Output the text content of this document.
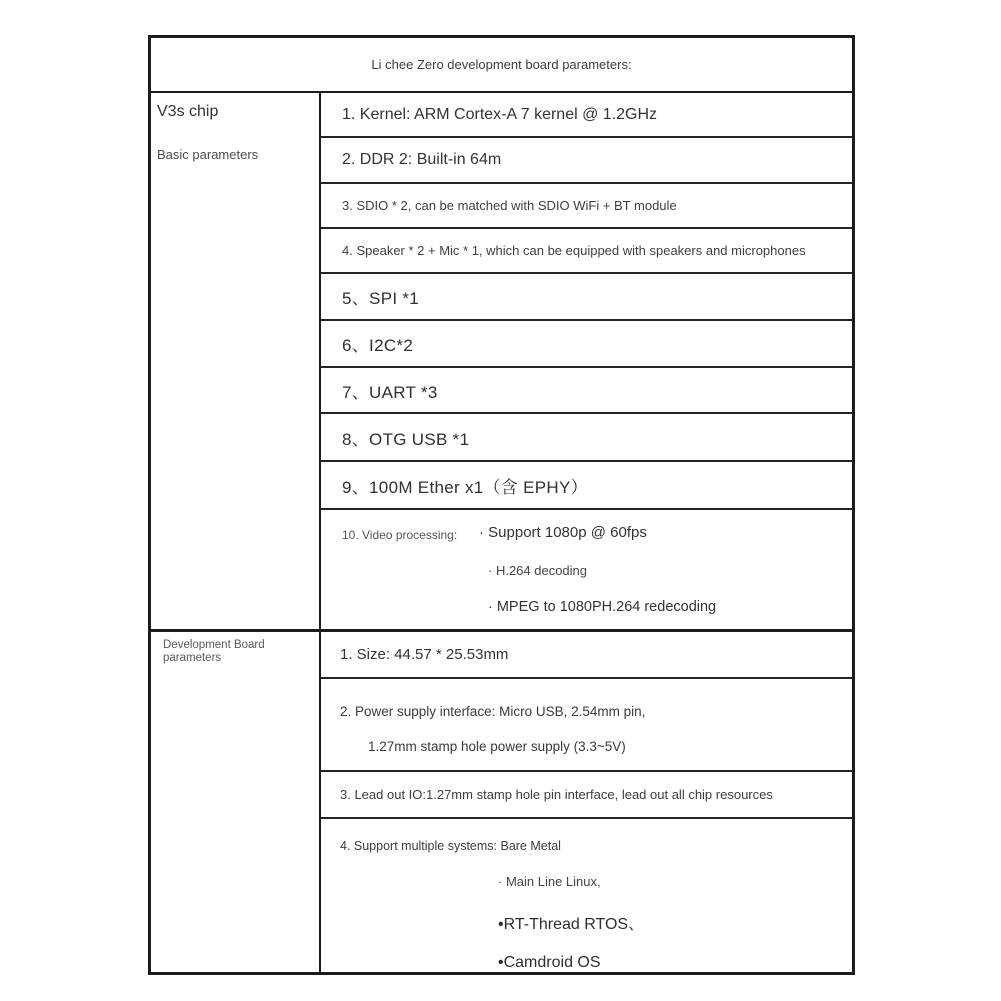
Li chee Zero development board parameters:
V3s chip
Basic parameters
1. Kernel: ARM Cortex-A 7 kernel @ 1.2GHz
2. DDR 2: Built-in 64m
3. SDIO * 2, can be matched with SDIO WiFi + BT module
4. Speaker * 2 + Mic * 1, which can be equipped with speakers and microphones
5、SPI *1
6、I2C*2
7、UART *3
8、OTG USB *1
9、100M Ether x1（含 EPHY）
10. Video processing: · Support 1080p @ 60fps
· H.264 decoding
· MPEG to 1080PH.264 redecoding
Development Board
parameters	1. Size: 44.57 * 25.53mm
2. Power supply interface: Micro USB, 2.54mm pin,
1.27mm stamp hole power supply (3.3~5V)
3. Lead out IO:1.27mm stamp hole pin interface, lead out all chip resources
4. Support multiple systems: Bare Metal
· Main Line Linux,
•RT-Thread RTOS、
•Camdroid OS
